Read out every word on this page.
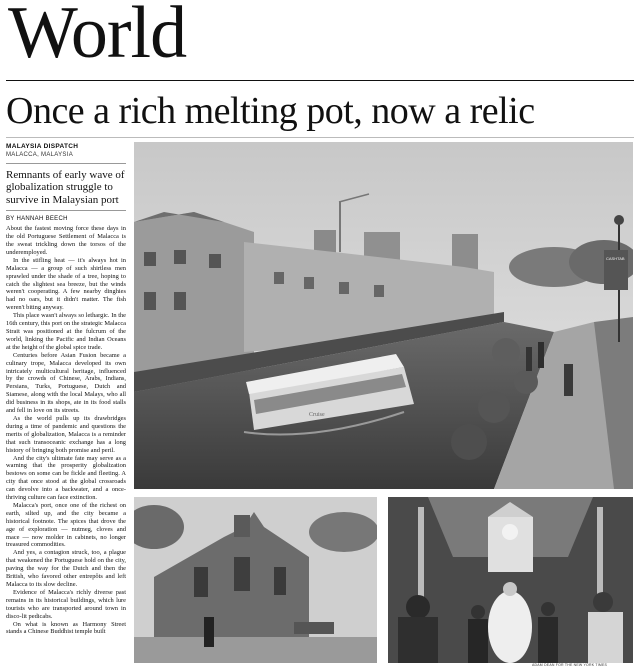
World
Once a rich melting pot, now a relic
MALAYSIA DISPATCH
MALACCA, MALAYSIA
Remnants of early wave of globalization struggle to survive in Malaysian port
BY HANNAH BEECH

About the fastest moving force these days in the old Portuguese Settlement of Malacca is the sweat trickling down the torsos of the underemployed.

In the stifling heat — it's always hot in Malacca — a group of such shirtless men sprawled under the shade of a tree, hoping to catch the slightest sea breeze, but the winds weren't cooperating. A few nearby dinghies had no oars, but it didn't matter. The fish weren't biting anyway.

This place wasn't always so lethargic. In the 16th century, this port on the strategic Malacca Strait was positioned at the fulcrum of the world, linking the Pacific and Indian Oceans at the height of the global spice trade.

Centuries before Asian Fusion became a culinary trope, Malacca developed its own intricately multicultural heritage, influenced by the crowds of Chinese, Arabs, Indians, Persians, Turks, Portuguese, Dutch and Siamese, along with the local Malays, who all did business in its shops, ate in its food stalls and fell in love on its streets.

As the world pulls up its drawbridges during a time of pandemic and questions the merits of globalization, Malacca is a reminder that such transoceanic exchange has a long history of bringing both promise and peril.

And the city's ultimate fate may serve as a warning that the prosperity globalization bestows on some can be fickle and fleeting. A city that once stood at the global crossroads can devolve into a backwater, and a once-thriving culture can face extinction.

Malacca's port, once one of the richest on earth, silted up, and the city became a historical footnote. The spices that drove the age of exploration — nutmeg, cloves and mace — now molder in cabinets, no longer treasured commodities.

And yes, a contagion struck, too, a plague that weakened the Portuguese hold on the city, paving the way for the Dutch and then the British, who favored other entrepôts and left Malacca to its slow decline.

Evidence of Malacca's richly diverse past remains in its historical buildings, which lure tourists who are transported around town in disco-lit pedicabs.

On what is known as Harmony Street stands a Chinese Buddhist temple built

Cruise
CASHTAB
ADAM DEAN FOR THE NEW YORK TIMES
